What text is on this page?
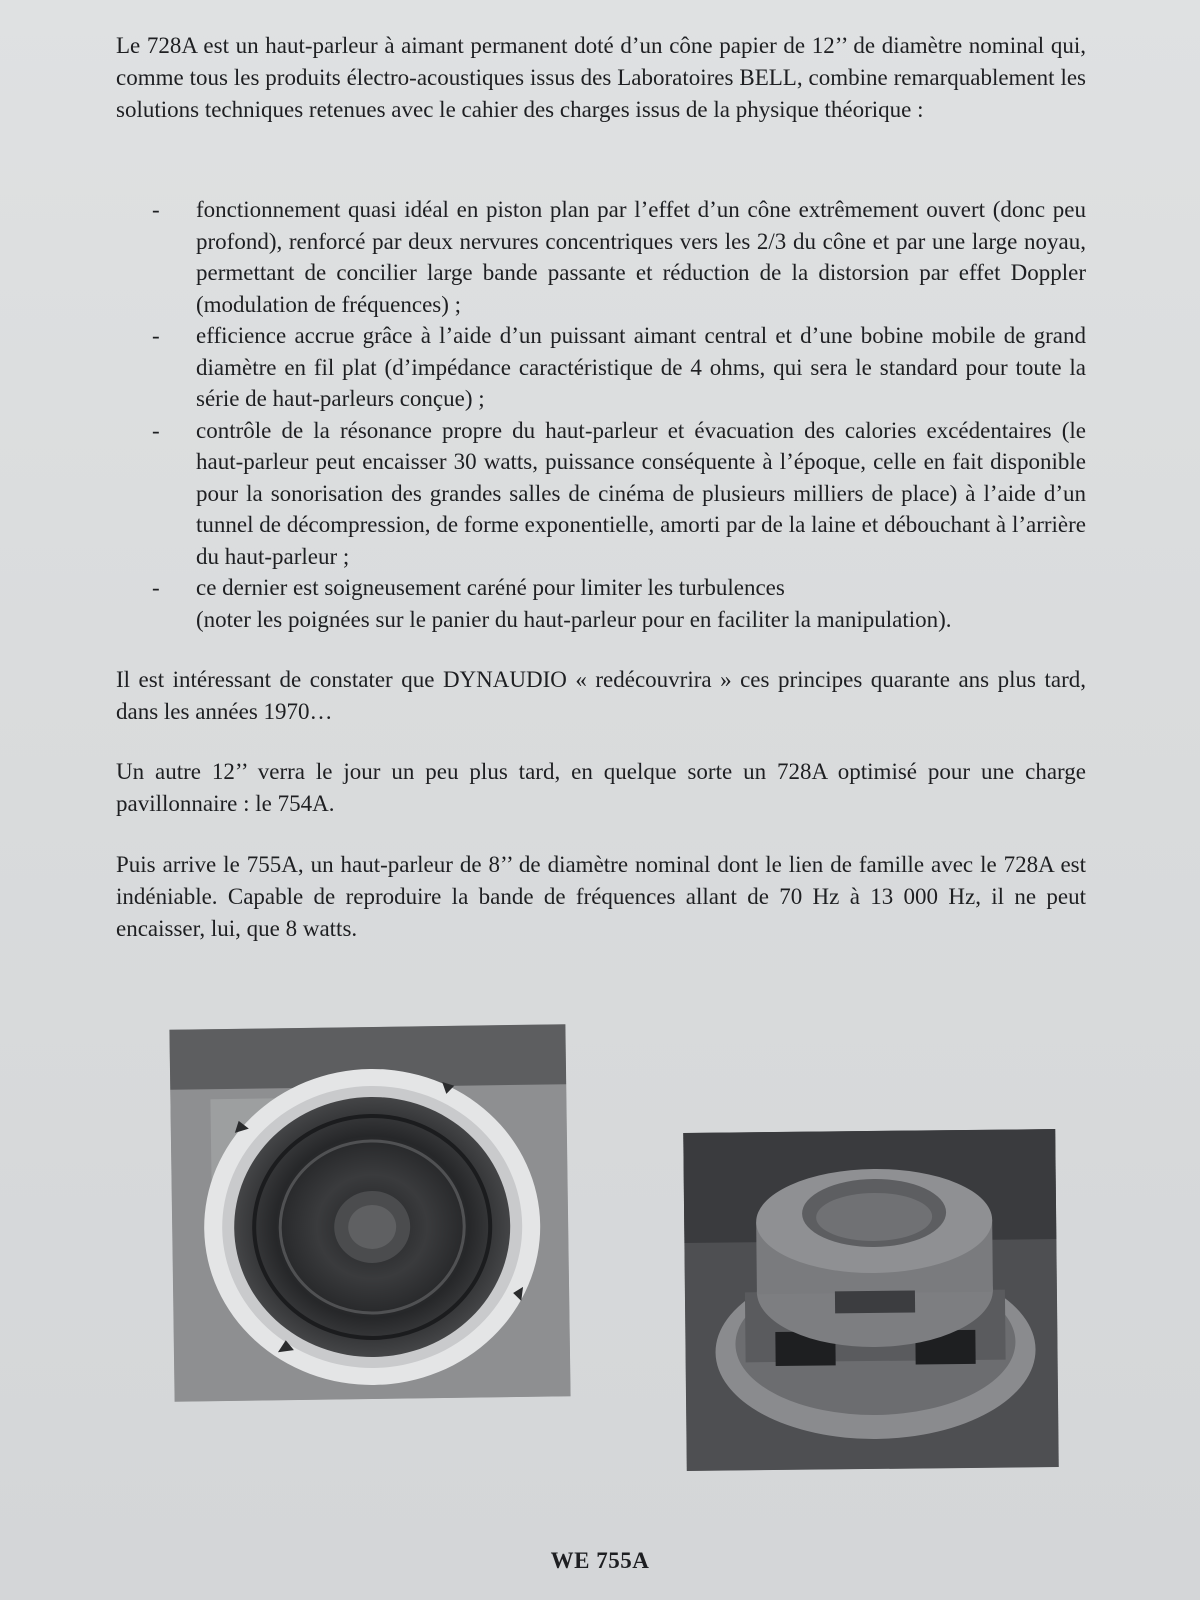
Le 728A est un haut-parleur à aimant permanent doté d’un cône papier de 12’’ de diamètre nominal qui, comme tous les produits électro-acoustiques issus des Laboratoires BELL, combine remarquablement les solutions techniques retenues avec le cahier des charges issus de la physique théorique :

- fonctionnement quasi idéal en piston plan par l’effet d’un cône extrêmement ouvert (donc peu profond), renforcé par deux nervures concentriques vers les 2/3 du cône et par une large noyau, permettant de concilier large bande passante et réduction de la distorsion par effet Doppler (modulation de fréquences) ;
- efficience accrue grâce à l’aide d’un puissant aimant central et d’une bobine mobile de grand diamètre en fil plat (d’impédance caractéristique de 4 ohms, qui sera le standard pour toute la série de haut-parleurs conçue) ;
- contrôle de la résonance propre du haut-parleur et évacuation des calories excédentaires (le haut-parleur peut encaisser 30 watts, puissance conséquente à l’époque, celle en fait disponible pour la sonorisation des grandes salles de cinéma de plusieurs milliers de place) à l’aide d’un tunnel de décompression, de forme exponentielle, amorti par de la laine et débouchant à l’arrière du haut-parleur ;
- ce dernier est soigneusement caréné pour limiter les turbulences
(noter les poignées sur le panier du haut-parleur pour en faciliter la manipulation).

Il est intéressant de constater que DYNAUDIO « redécouvrira » ces principes quarante ans plus tard, dans les années 1970…

Un autre 12’’ verra le jour un peu plus tard, en quelque sorte un 728A optimisé pour une charge pavillonnaire : le 754A.

Puis arrive le 755A, un haut-parleur de 8’’ de diamètre nominal dont le lien de famille avec le 728A est indéniable. Capable de reproduire la bande de fréquences allant de 70 Hz à 13 000 Hz, il ne peut encaisser, lui, que 8 watts.

WE 755A
